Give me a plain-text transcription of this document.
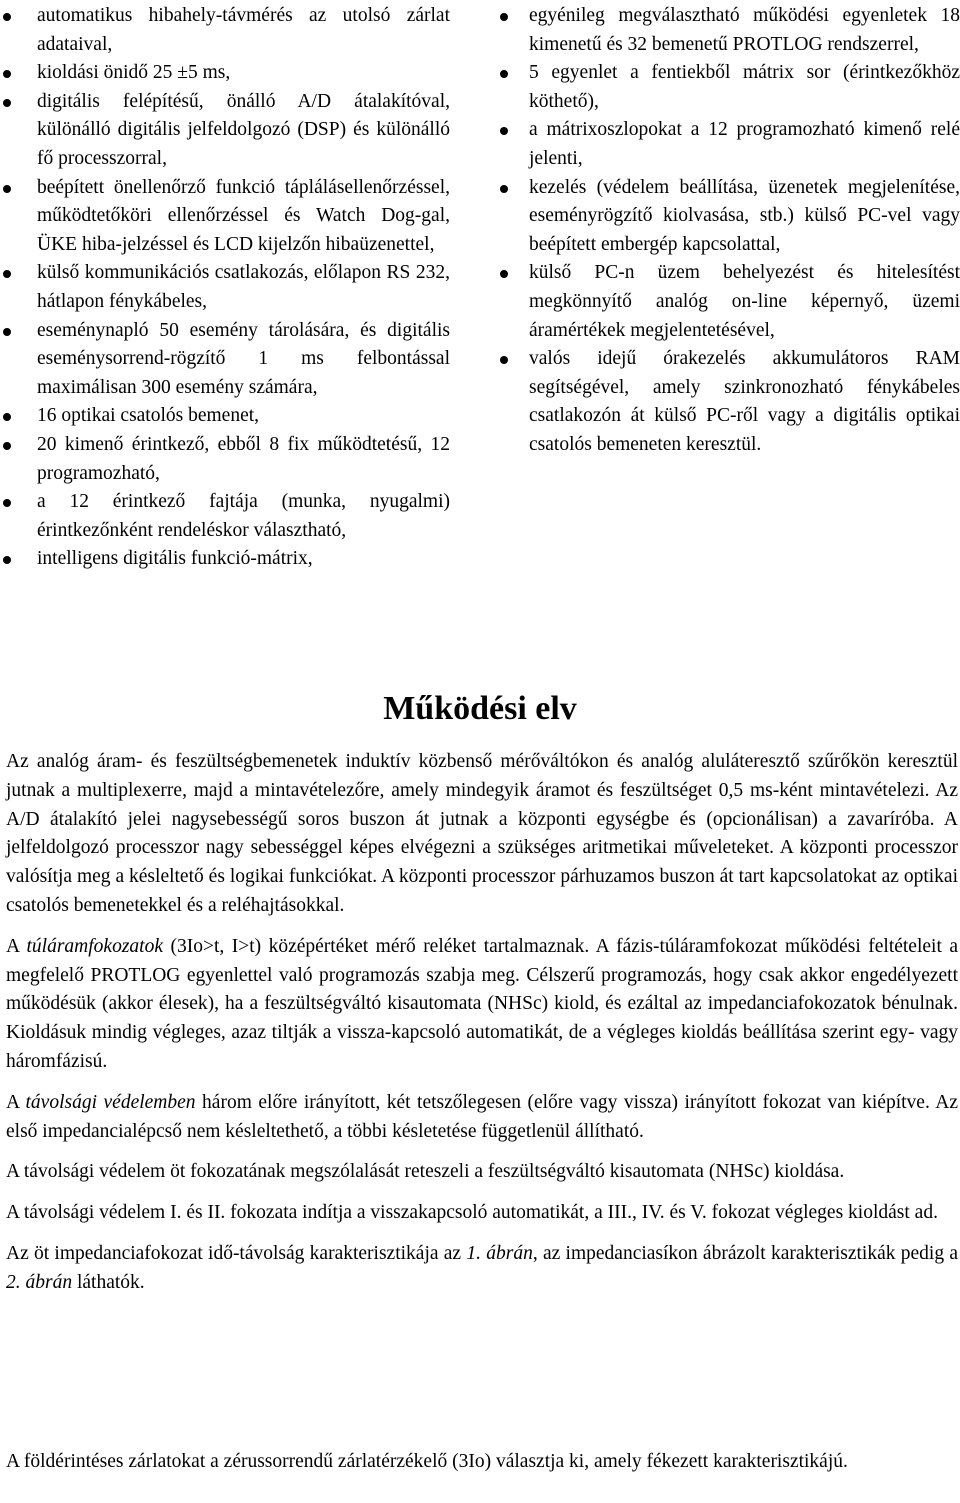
automatikus hibahely-távmérés az utolsó zárlat adataival,
kioldási önidő 25 ±5 ms,
digitális felépítésű, önálló A/D átalakítóval, különálló digitális jelfeldolgozó (DSP) és különálló fő processzorral,
beépített önellenőrző funkció táplálásellenőrzéssel, működtetőköri ellenőrzéssel és Watch Dog-gal, ÜKE hiba-jelzéssel és LCD kijelzőn hibaüzenettel,
külső kommunikációs csatlakozás, előlapon RS 232, hátlapon fénykábeles,
eseménynapló 50 esemény tárolására, és digitális eseménysorrend-rögzítő 1 ms felbontással maximálisan 300 esemény számára,
16 optikai csatolós bemenet,
20 kimenő érintkező, ebből 8 fix működtetésű, 12 programozható,
a 12 érintkező fajtája (munka, nyugalmi) érintkezőnként rendeléskor választható,
intelligens digitális funkció-mátrix,
egyénileg megválasztható működési egyenletek 18 kimenetű és 32 bemenetű PROTLOG rendszerrel,
5 egyenlet a fentiekből mátrix sor (érintkezőkhöz köthető),
a mátrixoszlopokat a 12 programozható kimenő relé jelenti,
kezelés (védelem beállítása, üzenetek megjelenítése, eseményrögzítő kiolvasása, stb.) külső PC-vel vagy beépített embergép kapcsolattal,
külső PC-n üzem behelyezést és hitelesítést megkönnyítő analóg on-line képernyő, üzemi áramértékek megjelentetésével,
valós idejű órakezelés akkumulátoros RAM segítségével, amely szinkronozható fénykábeles csatlakozón át külső PC-ről vagy a digitális optikai csatolós bemeneten keresztül.
Működési elv

Az analóg áram- és feszültségbemenetek induktív közbenső mérőváltókon és analóg aluláteresztő szűrőkön keresztül jutnak a multiplexerre, majd a mintavételezőre, amely mindegyik áramot és feszültséget 0,5 ms-ként mintavételezi. Az A/D átalakító jelei nagysebességű soros buszon át jutnak a központi egységbe és (opcionálisan) a zavaríróba. A jelfeldolgozó processzor nagy sebességgel képes elvégezni a szükséges aritmetikai műveleteket. A központi processzor valósítja meg a késleltető és logikai funkciókat. A központi processzor párhuzamos buszon át tart kapcsolatokat az optikai csatolós bemenetekkel és a reléhajtásokkal.

A túláramfokozatok (3Io>t, I>t) középértéket mérő reléket tartalmaznak. A fázis-túláramfokozat működési feltételeit a megfelelő PROTLOG egyenlettel való programozás szabja meg. Célszerű programozás, hogy csak akkor engedélyezett működésük (akkor élesek), ha a feszültségváltó kisautomata (NHSc) kiold, és ezáltal az impedanciafokozatok bénulnak. Kioldásuk mindig végleges, azaz tiltják a vissza-kapcsoló automatikát, de a végleges kioldás beállítása szerint egy- vagy háromfázisú.

A távolsági védelemben három előre irányított, két tetszőlegesen (előre vagy vissza) irányított fokozat van kiépítve. Az első impedancialépcső nem késleltethető, a többi késletetése függetlenül állítható.

A távolsági védelem öt fokozatának megszólalását reteszeli a feszültségváltó kisautomata (NHSc) kioldása.

A távolsági védelem I. és II. fokozata indítja a visszakapcsoló automatikát, a III., IV. és V. fokozat végleges kioldást ad.

Az öt impedanciafokozat idő-távolság karakterisztikája az 1. ábrán, az impedanciasíkon ábrázolt karakterisztikák pedig a 2. ábrán láthatók.

A földérintéses zárlatokat a zérussorrendű zárlatérzékelő (3Io) választja ki, amely fékezett karakterisztikájú.
